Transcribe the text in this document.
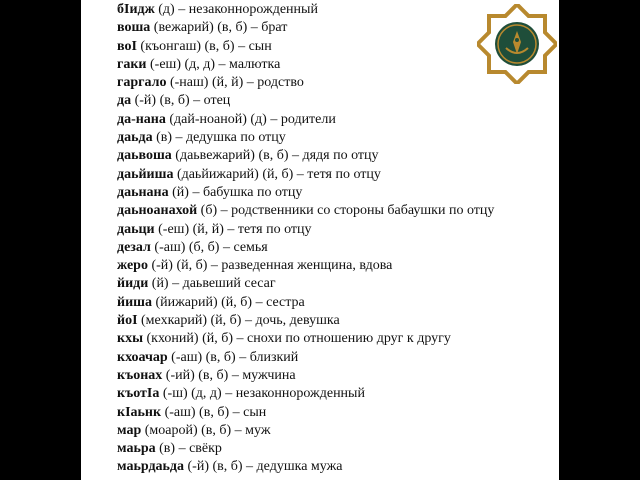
бIидж (д) – незаконнорожденный
воша (вежарий) (в, б) – брат
воI (къонгаш) (в, б) – сын
гаки (-еш) (д, д) – малютка
гаргало (-наш) (й, й) – родство
да (-й) (в, б) – отец
да-нана (дай-ноаной) (д) – родители
даьда (в) – дедушка по отцу
даьвоша (даьвежарий) (в, б) – дядя по отцу
даьйиша (даьйижарий) (й, б) – тетя по отцу
даьнана (й) – бабушка по отцу
даьноанахой (б) – родственники со стороны бабаушки по отцу
даьци (-еш) (й, й) – тетя по отцу
дезал (-аш) (б, б) – семья
жеро (-й) (й, б) – разведенная женщина, вдова
йиди (й) – даьвеший сесаг
йиша (йижарий) (й, б) – сестра
йоI (мехкарий) (й, б) – дочь, девушка
кхы (кхоний) (й, б) – снохи по отношению друг к другу
кхоачар (-аш) (в, б) – близкий
къонах (-ий) (в, б) – мужчина
къотIа (-ш) (д, д) – незаконнорожденный
кIаьнк (-аш) (в, б) – сын
мар (моарой) (в, б) – муж
маьра (в) – свёкр
маьрдаьда (-й) (в, б) – дедушка мужа
